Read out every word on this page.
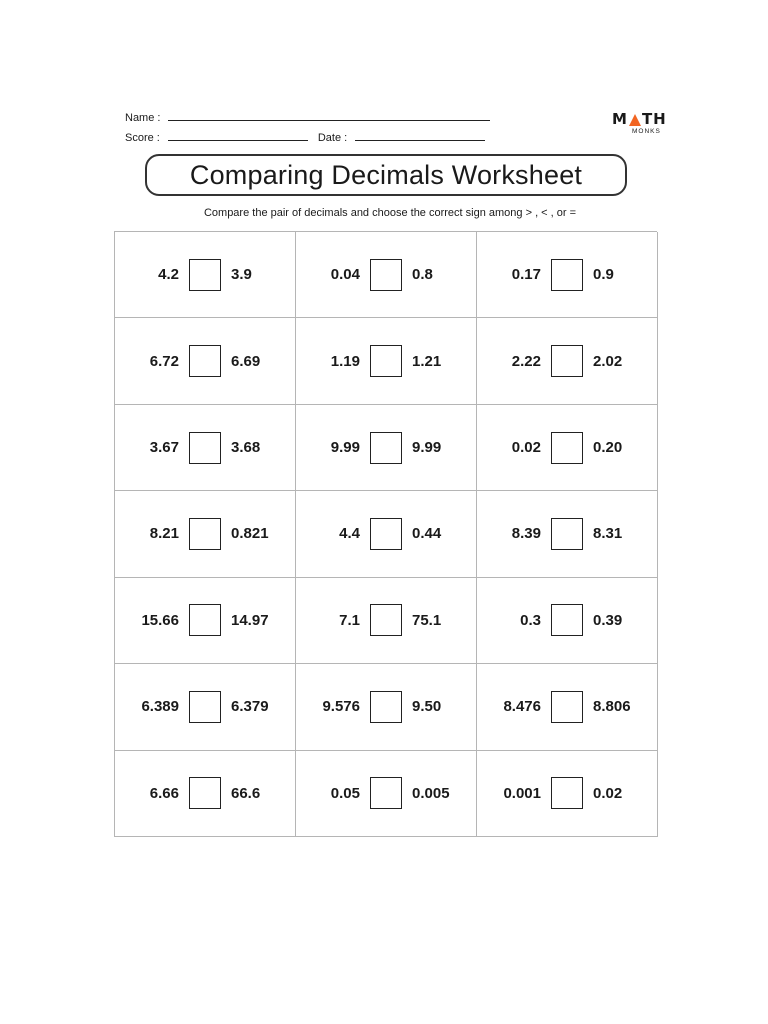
Name :
Score :	Date :
M TH
MONKS
Comparing Decimals Worksheet
Compare the pair of decimals and choose the correct sign among > , < , or =
4.2	3.9	0.04	0.8	0.17	0.9
6.72	6.69	1.19	1.21	2.22	2.02
3.67	3.68	9.99	9.99	0.02	0.20
8.21	0.821	4.4	0.44	8.39	8.31
15.66	14.97	7.1	75.1	0.3	0.39
6.389	6.379	9.576	9.50	8.476	8.806
6.66	66.6	0.05	0.005	0.001	0.02
